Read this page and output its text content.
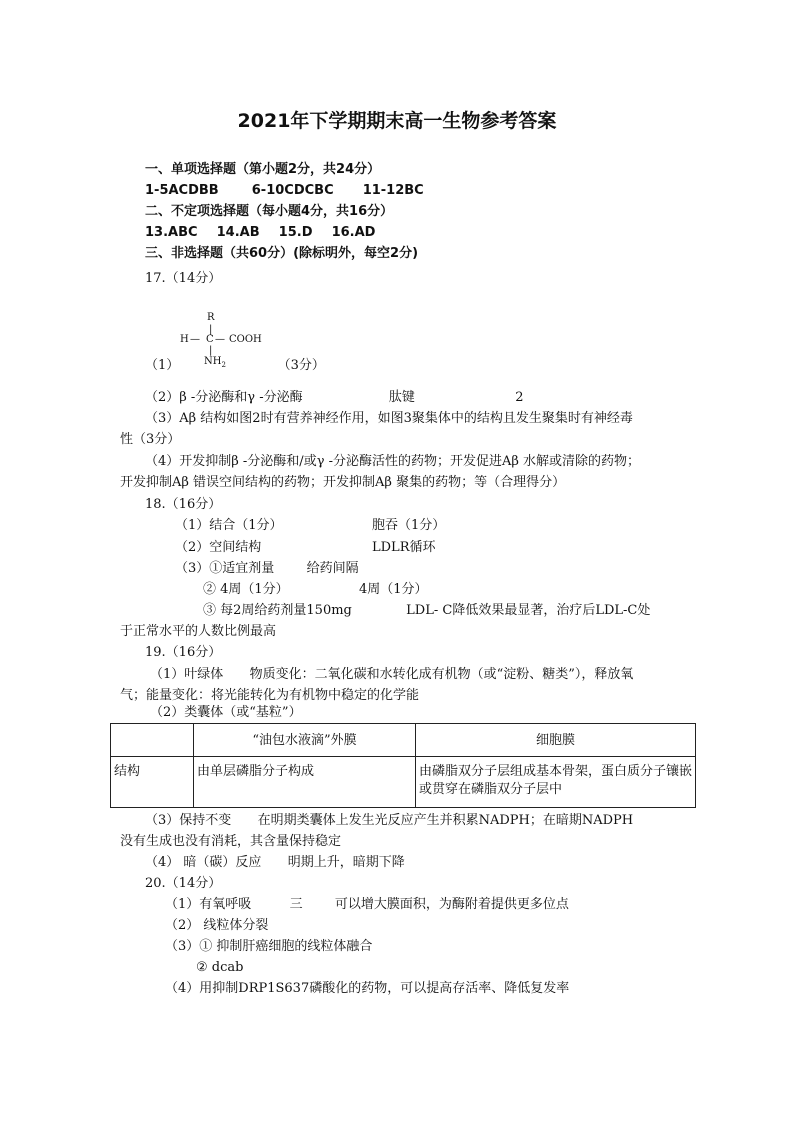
2021年下学期期末高一生物参考答案
一、单项选择题（第小题2分，共24分）
1-5ACDBB	6-10CDCBC 11-12BC
二、不定项选择题（每小题4分，共16分）
13.ABC 14.AB 15.D 16.AD
三、非选择题（共60分）(除标明外，每空2分)
17.（14分）
R
|
H — C — COOH
|
$NH_2$
（1）	（3分）
（2）β -分泌酶和γ -分泌酶	肽键	2
（3）Aβ 结构如图2时有营养神经作用，如图3聚集体中的结构且发生聚集时有神经毒
性（3分）
（4）开发抑制β -分泌酶和/或γ -分泌酶活性的药物；开发促进Aβ 水解或清除的药物；
开发抑制Aβ 错误空间结构的药物；开发抑制Aβ 聚集的药物；等（合理得分）
18.（16分）
（1）结合（1分）	胞吞（1分）
（2）空间结构	LDLR循环
（3）①适宜剂量 给药间隔
② 4周（1分）	4周（1分）
③ 每2周给药剂量150mg	LDL- C降低效果最显著，治疗后LDL-C处
于正常水平的人数比例最高
19.（16分）
（1）叶绿体 物质变化：二氧化碳和水转化成有机物（或“淀粉、糖类”），释放氧
气；能量变化：将光能转化为有机物中稳定的化学能
（2）类囊体（或“基粒”）
	“油包水液滴”外膜	细胞膜
结构	由单层磷脂分子构成	由磷脂双分子层组成基本骨架，蛋白质分子镶嵌或贯穿在磷脂双分子层中
（3）保持不变 在明期类囊体上发生光反应产生并积累NADPH；在暗期NADPH
没有生成也没有消耗，其含量保持稳定
（4） 暗（碳）反应 明期上升，暗期下降
20.（14分）
（1）有氧呼吸	三 可以增大膜面积，为酶附着提供更多位点
（2） 线粒体分裂
（3）① 抑制肝癌细胞的线粒体融合
② dcab
（4）用抑制DRP1S637磷酸化的药物，可以提高存活率、降低复发率
